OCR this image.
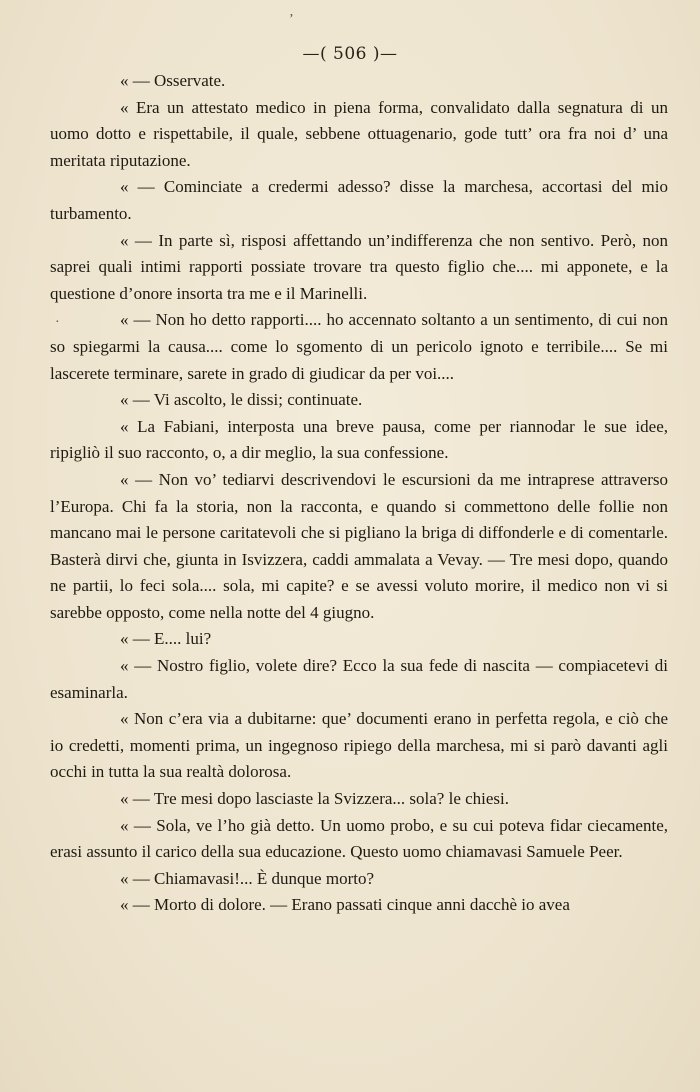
—( 506 )—
ʼ
·

« — Osservate.

« Era un attestato medico in piena forma, convalidato dalla segnatura di un uomo dotto e rispettabile, il quale, sebbene ottuagenario, gode tutt’ ora fra noi d’ una meritata riputazione.

« — Cominciate a credermi adesso? disse la marchesa, accortasi del mio turbamento.

« — In parte sì, risposi affettando un’indifferenza che non sentivo. Però, non saprei quali intimi rapporti possiate trovare tra questo figlio che.... mi apponete, e la questione d’onore insorta tra me e il Marinelli.

« — Non ho detto rapporti.... ho accennato soltanto a un sentimento, di cui non so spiegarmi la causa.... come lo sgomento di un pericolo ignoto e terribile.... Se mi lascerete terminare, sarete in grado di giudicar da per voi....

« — Vi ascolto, le dissi; continuate.

« La Fabiani, interposta una breve pausa, come per riannodar le sue idee, ripigliò il suo racconto, o, a dir meglio, la sua confessione.

« — Non vo’ tediarvi descrivendovi le escursioni da me intraprese attraverso l’Europa. Chi fa la storia, non la racconta, e quando si commettono delle follie non mancano mai le persone caritatevoli che si pigliano la briga di diffonderle e di comentarle. Basterà dirvi che, giunta in Isvizzera, caddi ammalata a Vevay. — Tre mesi dopo, quando ne partii, lo feci sola.... sola, mi capite? e se avessi voluto morire, il medico non vi si sarebbe opposto, come nella notte del 4 giugno.

« — E.... lui?

« — Nostro figlio, volete dire? Ecco la sua fede di nascita — compiacetevi di esaminarla.

« Non c’era via a dubitarne: que’ documenti erano in perfetta regola, e ciò che io credetti, momenti prima, un ingegnoso ripiego della marchesa, mi si parò davanti agli occhi in tutta la sua realtà dolorosa.

« — Tre mesi dopo lasciaste la Svizzera... sola? le chiesi.

« — Sola, ve l’ho già detto. Un uomo probo, e su cui poteva fidar ciecamente, erasi assunto il carico della sua educazione. Questo uomo chiamavasi Samuele Peer.

« — Chiamavasi!... È dunque morto?

« — Morto di dolore. — Erano passati cinque anni dacchè io avea
